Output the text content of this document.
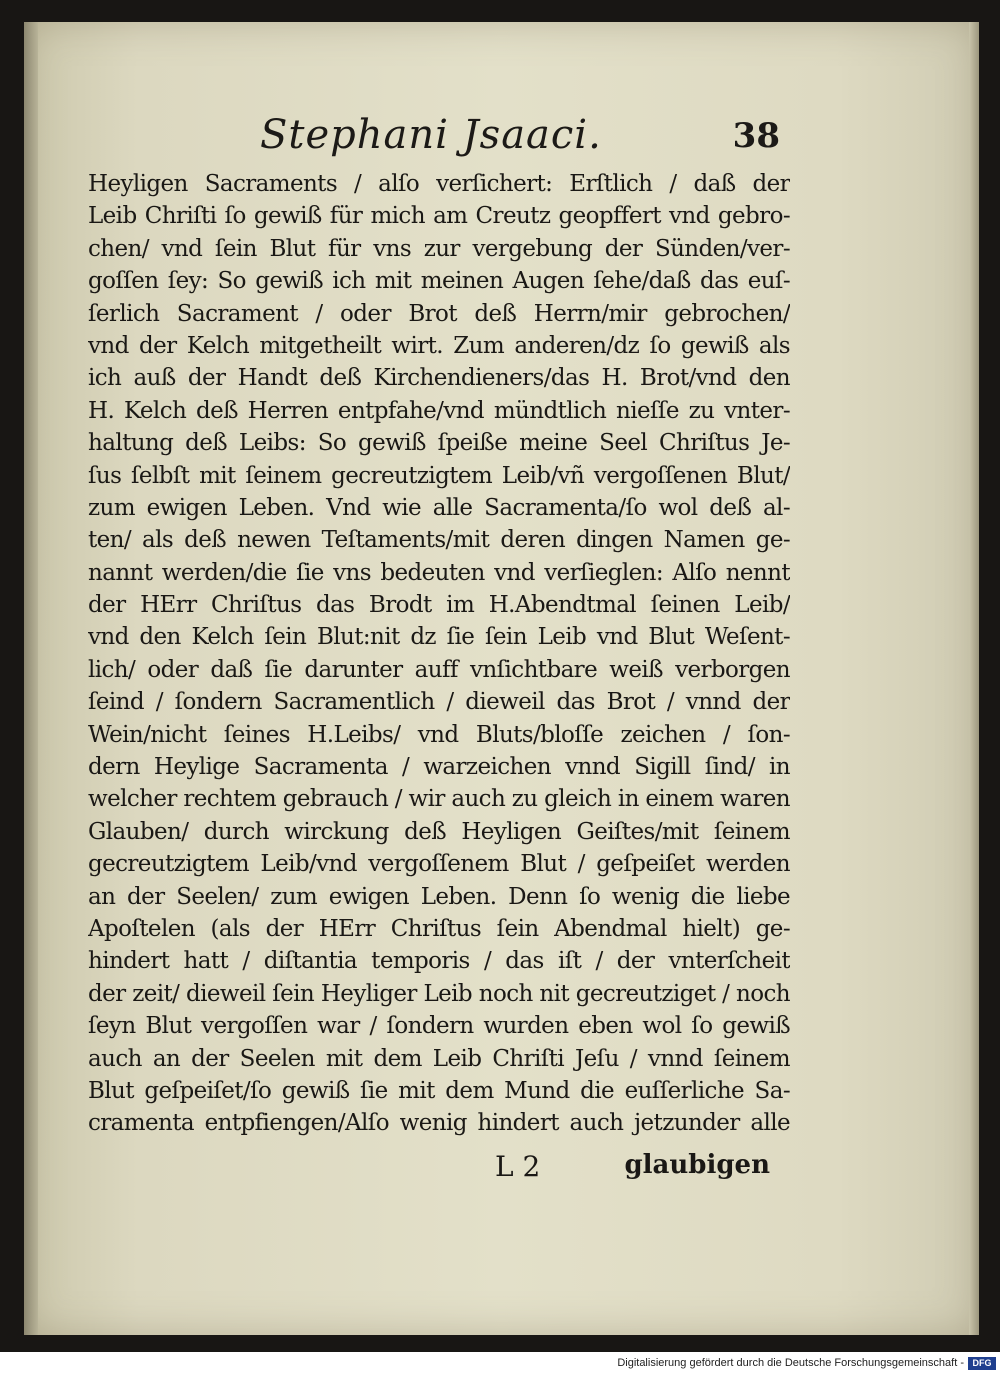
Stephani Jsaaci.	38
Heyligen Sacraments / alſo verſichert: Erſtlich / daß der
Leib Chriſti ſo gewiß für mich am Creutz geopffert vnd gebro-
chen/ vnd ſein Blut für vns zur vergebung der Sünden/ver-
goſſen ſey: So gewiß ich mit meinen Augen ſehe/daß das euſ-
ſerlich Sacrament / oder Brot deß Herrn/mir gebrochen/
vnd der Kelch mitgetheilt wirt. Zum anderen/dz ſo gewiß als
ich auß der Handt deß Kirchendieners/das H. Brot/vnd den
H. Kelch deß Herren entpfahe/vnd mündtlich nieſſe zu vnter-
haltung deß Leibs: So gewiß ſpeiße meine Seel Chriſtus Je-
ſus ſelbſt mit ſeinem gecreutzigtem Leib/vñ vergoſſenen Blut/
zum ewigen Leben. Vnd wie alle Sacramenta/ſo wol deß al-
ten/ als deß newen Teſtaments/mit deren dingen Namen ge-
nannt werden/die ſie vns bedeuten vnd verſieglen: Alſo nennt
der HErr Chriſtus das Brodt im H.Abendtmal ſeinen Leib/
vnd den Kelch ſein Blut:nit dz ſie ſein Leib vnd Blut Weſent-
lich/ oder daß ſie darunter auff vnſichtbare weiß verborgen
ſeind / ſondern Sacramentlich / dieweil das Brot / vnnd der
Wein/nicht ſeines H.Leibs/ vnd Bluts/bloſſe zeichen / ſon-
dern Heylige Sacramenta / warzeichen vnnd Sigill ſind/ in
welcher rechtem gebrauch / wir auch zu gleich in einem waren
Glauben/ durch wirckung deß Heyligen Geiſtes/mit ſeinem
gecreutzigtem Leib/vnd vergoſſenem Blut / geſpeiſet werden
an der Seelen/ zum ewigen Leben. Denn ſo wenig die liebe
Apoſtelen (als der HErr Chriſtus ſein Abendmal hielt) ge-
hindert hatt / diſtantia temporis / das iſt / der vnterſcheit
der zeit/ dieweil ſein Heyliger Leib noch nit gecreutziget / noch
ſeyn Blut vergoſſen war / ſondern wurden eben wol ſo gewiß
auch an der Seelen mit dem Leib Chriſti Jeſu / vnnd ſeinem
Blut geſpeiſet/ſo gewiß ſie mit dem Mund die euſſerliche Sa-
cramenta entpfiengen/Alſo wenig hindert auch jetzunder alle
L 2	glaubigen
Digitalisierung gefördert durch die Deutsche Forschungsgemeinschaft - DFG
